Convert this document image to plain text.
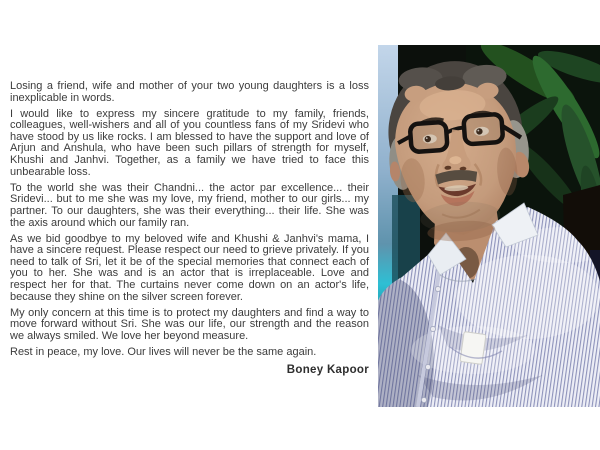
Losing a friend, wife and mother of your two young daughters is a loss inexplicable in words.

I would like to express my sincere gratitude to my family, friends, colleagues, well-wishers and all of you countless fans of my Sridevi who have stood by us like rocks. I am blessed to have the support and love of Arjun and Anshula, who have been such pillars of strength for myself, Khushi and Janhvi. Together, as a family we have tried to face this unbearable loss.

To the world she was their Chandni... the actor par excellence... their Sridevi... but to me she was my love, my friend, mother to our girls... my partner. To our daughters, she was their everything... their life. She was the axis around which our family ran.

As we bid goodbye to my beloved wife and Khushi & Janhvi's mama, I have a sincere request. Please respect our need to grieve privately. If you need to talk of Sri, let it be of the special memories that connect each of you to her. She was and is an actor that is irreplaceable. Love and respect her for that. The curtains never come down on an actor's life, because they shine on the silver screen forever.

My only concern at this time is to protect my daughters and find a way to move forward without Sri. She was our life, our strength and the reason we always smiled. We love her beyond measure.

Rest in peace, my love. Our lives will never be the same again.

Boney Kapoor
